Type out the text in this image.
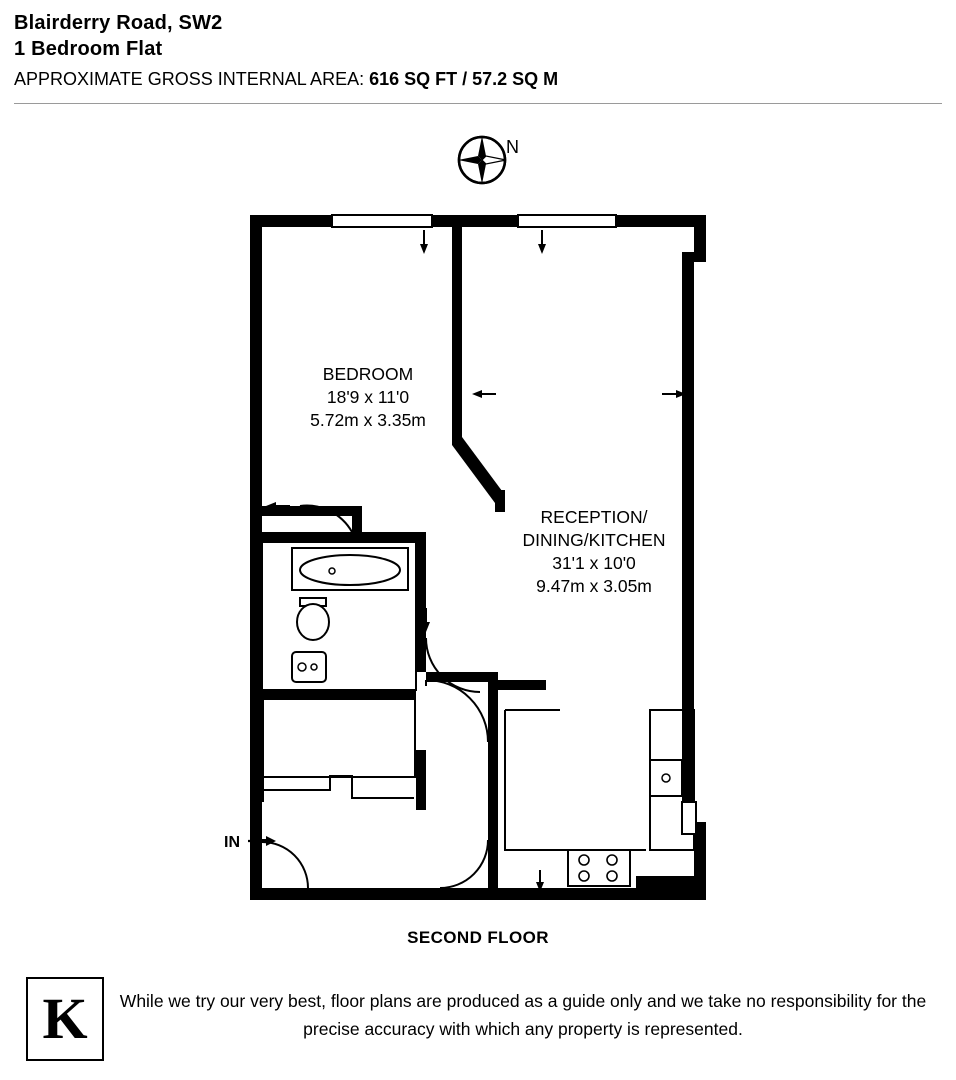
Blairderry Road, SW2
1 Bedroom Flat
APPROXIMATE GROSS INTERNAL AREA: 616 SQ FT / 57.2 SQ M
N
IN
BEDROOM
18'9 x 11'0
5.72m x 3.35m
RECEPTION/
DINING/KITCHEN
31'1 x 10'0
9.47m x 3.05m
SECOND FLOOR
K	While we try our very best, floor plans are produced as a guide only and we take no responsibility for the precise accuracy with which any property is represented.
